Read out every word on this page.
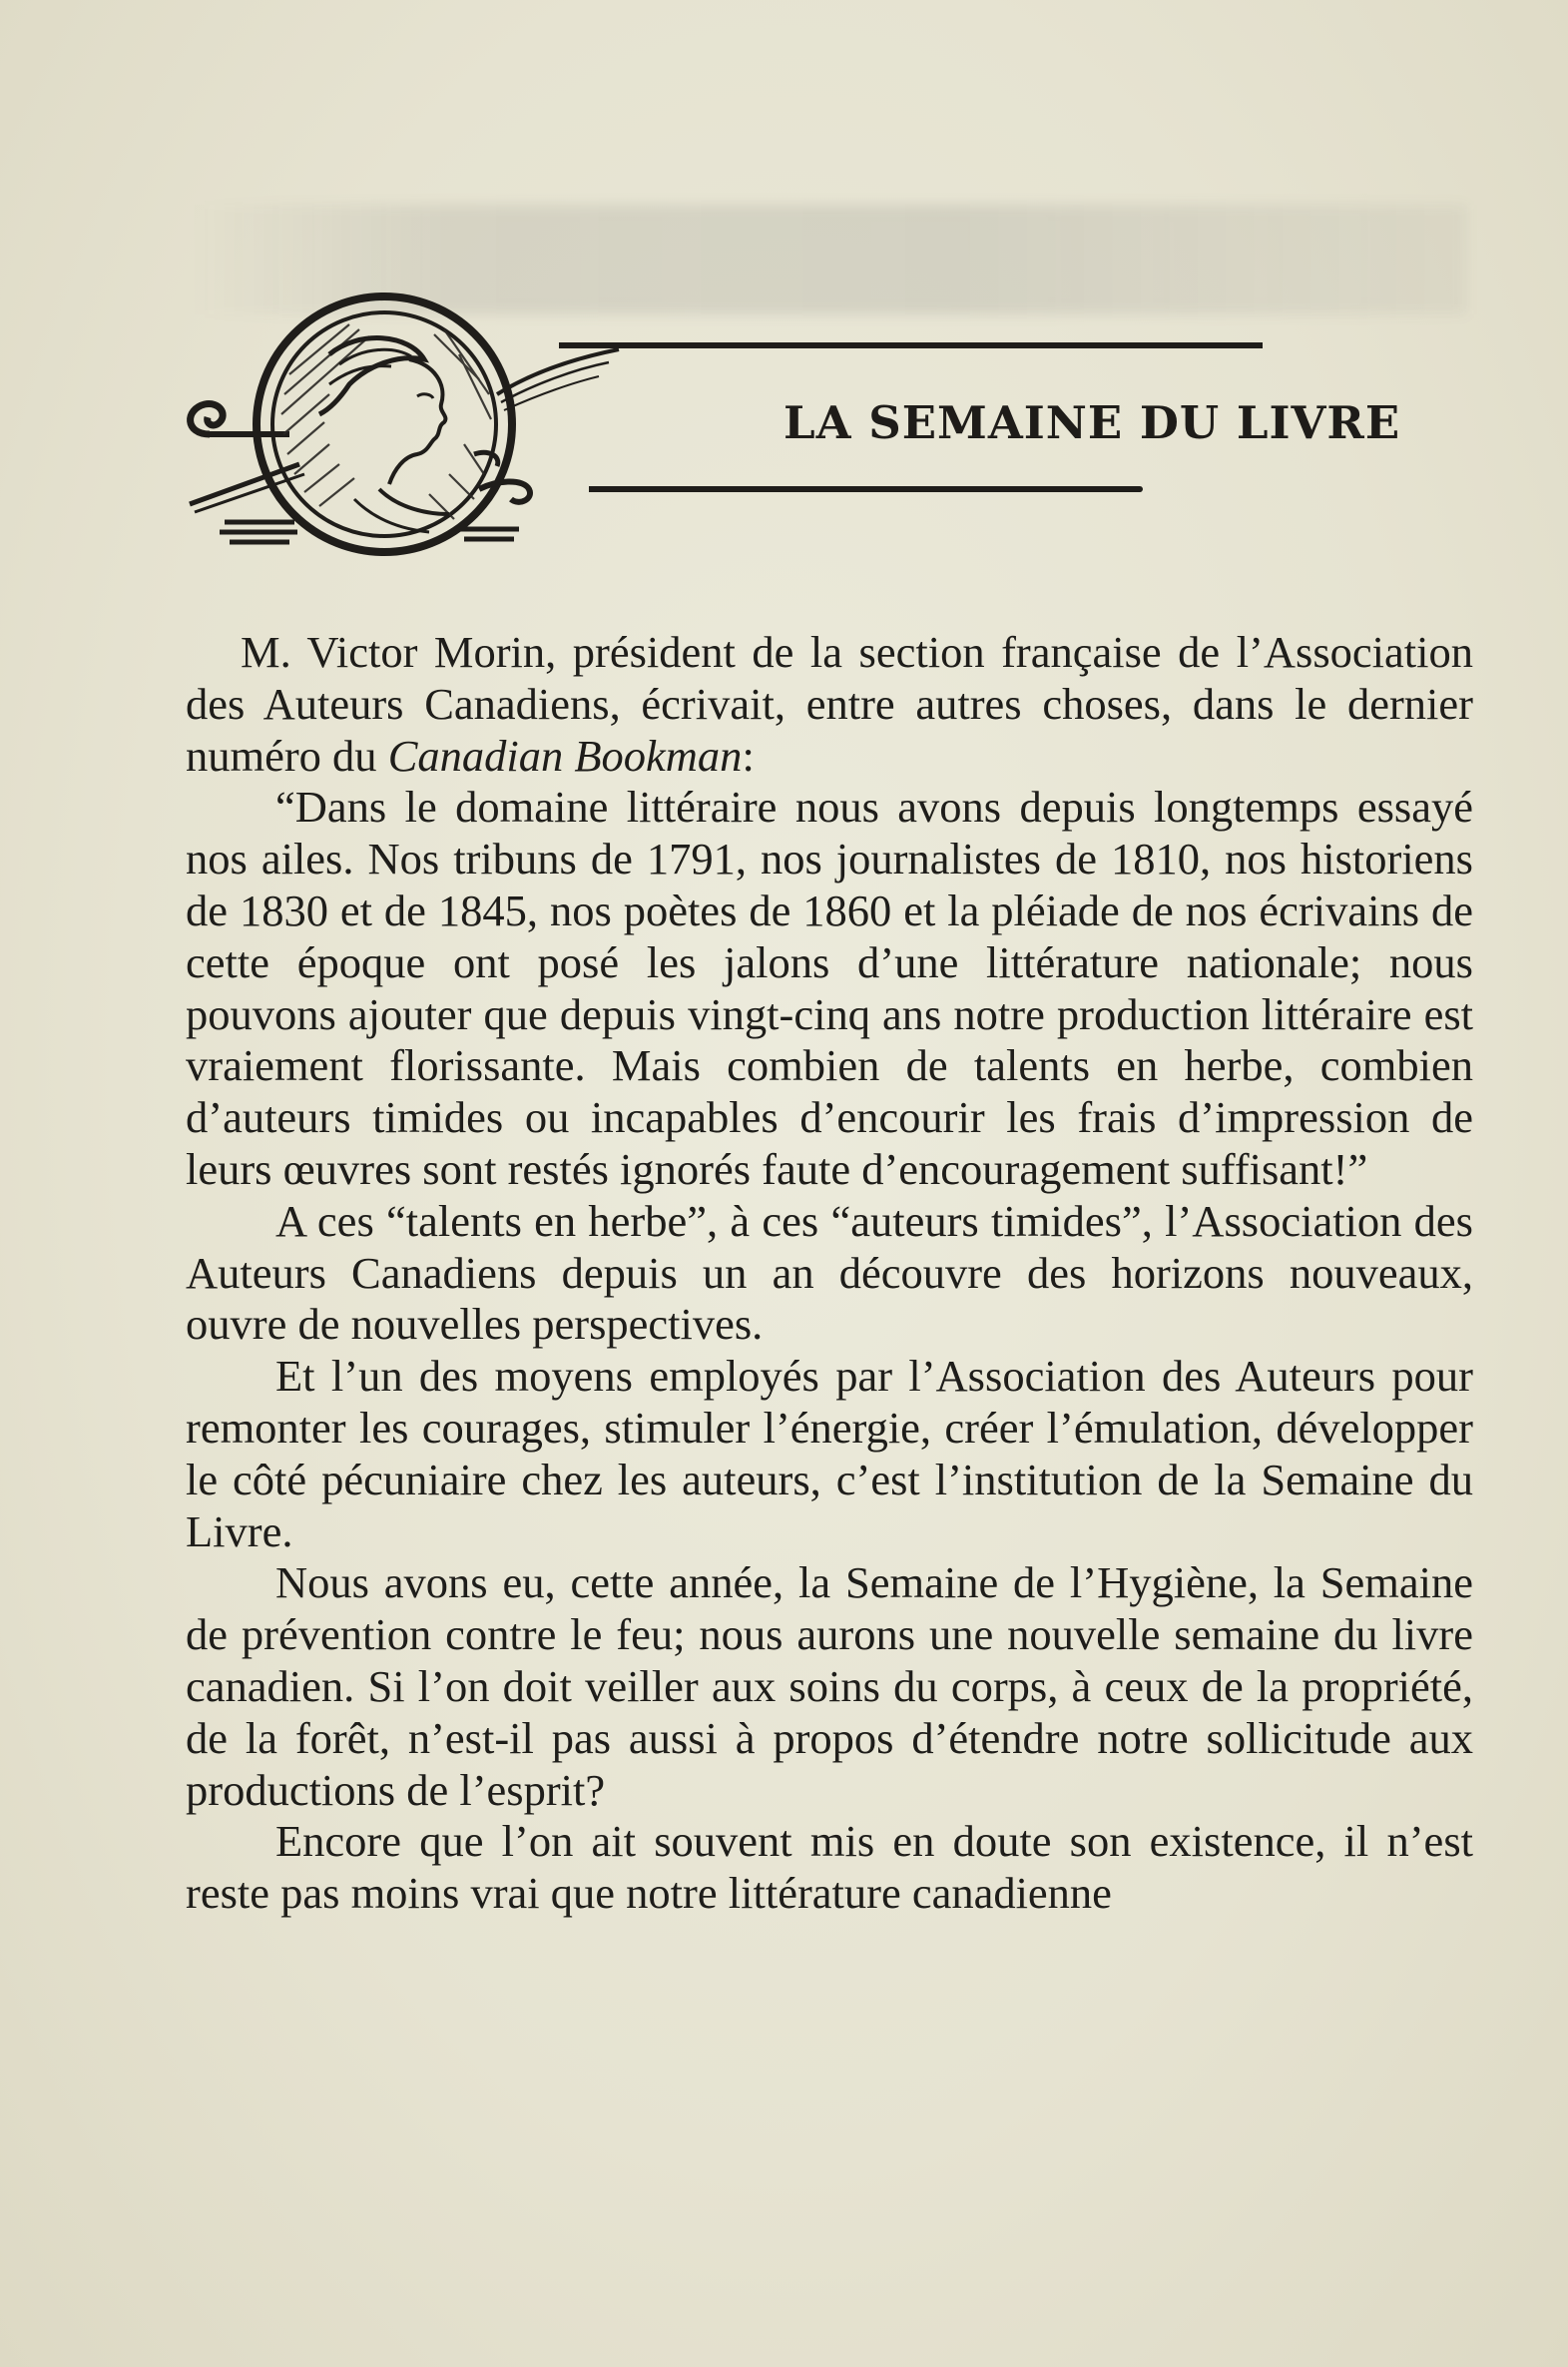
LA SEMAINE DU LIVRE

M. Victor Morin, président de la section française de l’Association des Auteurs Canadiens, écrivait, entre autres choses, dans le dernier numéro du Canadian Bookman:

“Dans le domaine littéraire nous avons depuis longtemps essayé nos ailes. Nos tribuns de 1791, nos journalistes de 1810, nos historiens de 1830 et de 1845, nos poètes de 1860 et la pléiade de nos écrivains de cette époque ont posé les jalons d’une littérature nationale; nous pouvons ajouter que depuis vingt-cinq ans notre production littéraire est vraiement florissante. Mais combien de talents en herbe, combien d’auteurs timides ou incapables d’encourir les frais d’impression de leurs œuvres sont restés ignorés faute d’encouragement suffisant!”

A ces “talents en herbe”, à ces “auteurs timides”, l’Association des Auteurs Canadiens depuis un an découvre des horizons nouveaux, ouvre de nouvelles perspectives.

Et l’un des moyens employés par l’Association des Auteurs pour remonter les courages, stimuler l’énergie, créer l’émulation, développer le côté pécuniaire chez les auteurs, c’est l’institution de la Semaine du Livre.

Nous avons eu, cette année, la Semaine de l’Hygiène, la Semaine de prévention contre le feu; nous aurons une nouvelle semaine du livre canadien. Si l’on doit veiller aux soins du corps, à ceux de la propriété, de la forêt, n’est-il pas aussi à propos d’étendre notre sollicitude aux productions de l’esprit?

Encore que l’on ait souvent mis en doute son existence, il n’est reste pas moins vrai que notre littérature canadienne
